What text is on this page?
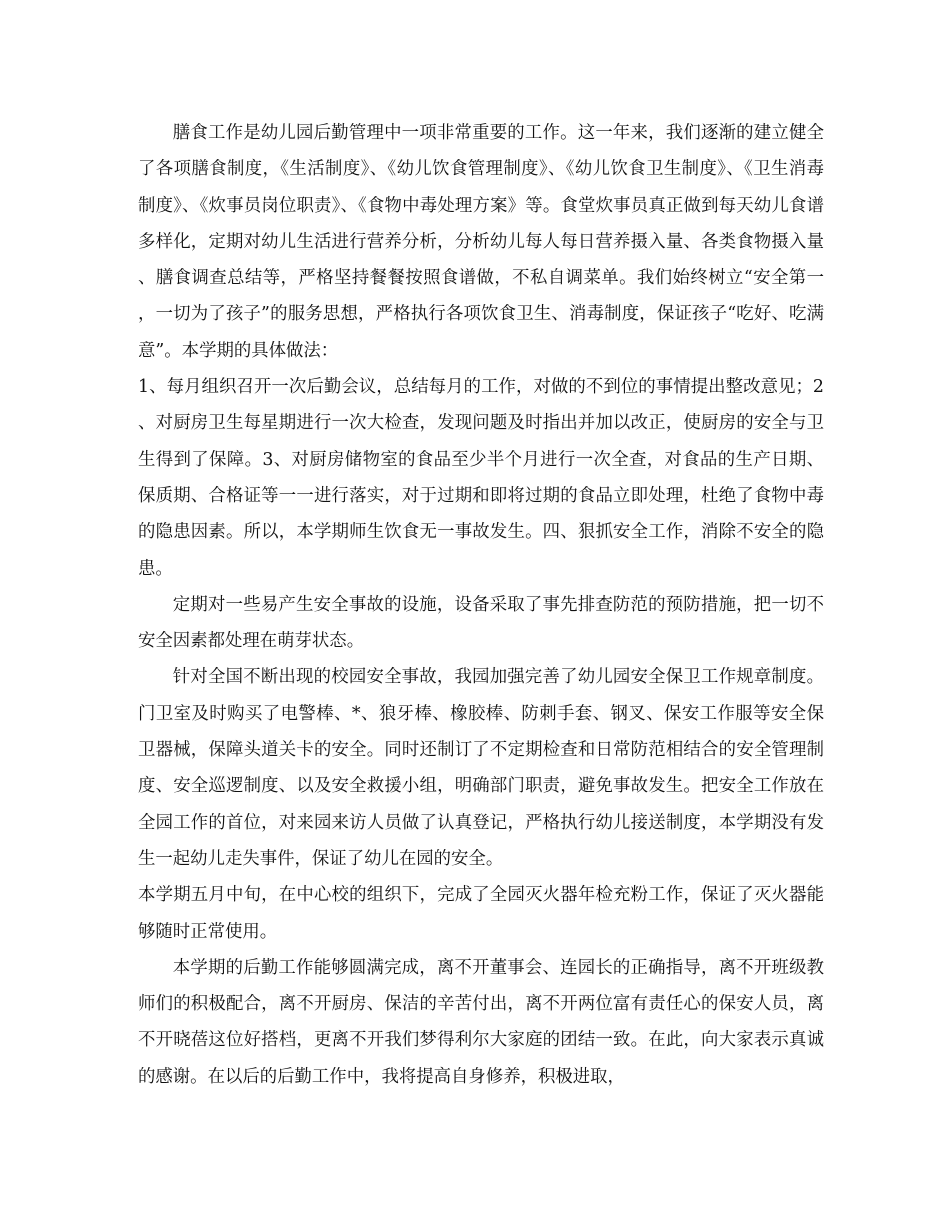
膳食工作是幼儿园后勤管理中一项非常重要的工作。这一年来，我们逐渐的建立健全了各项膳食制度，《生活制度》、《幼儿饮食管理制度》、《幼儿饮食卫生制度》、《卫生消毒制度》、《炊事员岗位职责》、《食物中毒处理方案》等。食堂炊事员真正做到每天幼儿食谱多样化，定期对幼儿生活进行营养分析，分析幼儿每人每日营养摄入量、各类食物摄入量、膳食调查总结等，严格坚持餐餐按照食谱做，不私自调菜单。我们始终树立“安全第一，一切为了孩子”的服务思想，严格执行各项饮食卫生、消毒制度，保证孩子“吃好、吃满意”。本学期的具体做法：

1、每月组织召开一次后勤会议，总结每月的工作，对做的不到位的事情提出整改意见；2、对厨房卫生每星期进行一次大检查，发现问题及时指出并加以改正，使厨房的安全与卫生得到了保障。3、对厨房储物室的食品至少半个月进行一次全查，对食品的生产日期、保质期、合格证等一一进行落实，对于过期和即将过期的食品立即处理，杜绝了食物中毒的隐患因素。所以，本学期师生饮食无一事故发生。四、狠抓安全工作，消除不安全的隐患。

定期对一些易产生安全事故的设施，设备采取了事先排查防范的预防措施，把一切不安全因素都处理在萌芽状态。

针对全国不断出现的校园安全事故，我园加强完善了幼儿园安全保卫工作规章制度。门卫室及时购买了电警棒、*、狼牙棒、橡胶棒、防刺手套、钢叉、保安工作服等安全保卫器械，保障头道关卡的安全。同时还制订了不定期检查和日常防范相结合的安全管理制度、安全巡逻制度、以及安全救援小组，明确部门职责，避免事故发生。把安全工作放在全园工作的首位，对来园来访人员做了认真登记，严格执行幼儿接送制度，本学期没有发生一起幼儿走失事件，保证了幼儿在园的安全。

本学期五月中旬，在中心校的组织下，完成了全园灭火器年检充粉工作，保证了灭火器能够随时正常使用。

本学期的后勤工作能够圆满完成，离不开董事会、连园长的正确指导，离不开班级教师们的积极配合，离不开厨房、保洁的辛苦付出，离不开两位富有责任心的保安人员，离不开晓蓓这位好搭档，更离不开我们梦得利尔大家庭的团结一致。在此，向大家表示真诚的感谢。在以后的后勤工作中，我将提高自身修养，积极进取，
